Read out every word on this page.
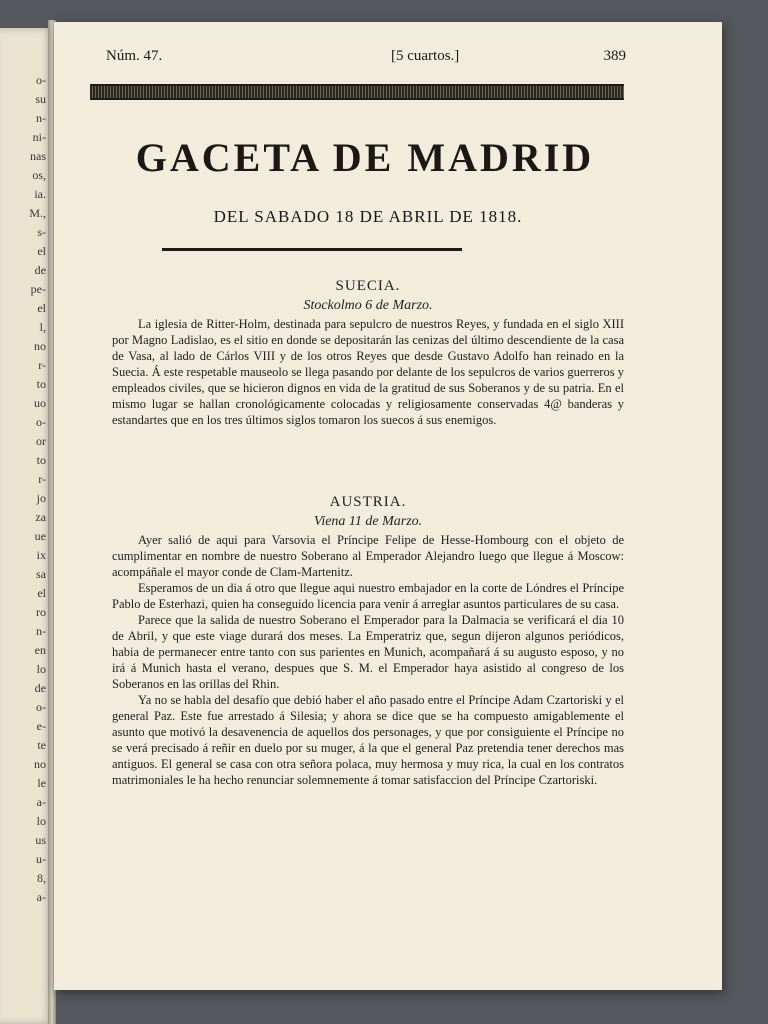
o-
su
n-
ni-
nas
os,
ia.
M.,
s-
el
de
pe-
el
l,
no
r-
to
uo
o-
or
to
r-
jo
za
ue
ix
sa
el
ro
n-
en
lo
de
o-
e-
te
no
le
a-
lo
us
u-
8,
a-
Núm. 47.	[5 cuartos.]	389
GACETA DE MADRID
DEL SABADO 18 DE ABRIL DE 1818.

SUECIA.

Stockolmo 6 de Marzo.

La iglesia de Ritter-Holm, destinada para sepulcro de nuestros Reyes, y fundada en el siglo XIII por Magno Ladislao, es el sitio en donde se depositarán las cenizas del último descendiente de la casa de Vasa, al lado de Cárlos VIII y de los otros Reyes que desde Gustavo Adolfo han reinado en la Suecia. Á este respetable mauseolo se llega pasando por delante de los sepulcros de varios guerreros y empleados civiles, que se hicieron dignos en vida de la gratitud de sus Soberanos y de su patria. En el mismo lugar se hallan cronológicamente colocadas y religiosamente conservadas 4@ banderas y estandartes que en los tres últimos siglos tomaron los suecos á sus enemigos.

AUSTRIA.

Viena 11 de Marzo.

Ayer salió de aqui para Varsovia el Príncipe Felipe de Hesse-Hombourg con el objeto de cumplimentar en nombre de nuestro Soberano al Emperador Alejandro luego que llegue á Moscow: acompáñale el mayor conde de Clam-Martenitz.

Esperamos de un dia á otro que llegue aqui nuestro embajador en la corte de Lóndres el Príncipe Pablo de Esterhazi, quien ha conseguido licencia para venir á arreglar asuntos particulares de su casa.

Parece que la salida de nuestro Soberano el Emperador para la Dalmacia se verificará el dia 10 de Abril, y que este viage durará dos meses. La Emperatriz que, segun dijeron algunos periódicos, habia de permanecer entre tanto con sus parientes en Munich, acompañará á su augusto esposo, y no irá á Munich hasta el verano, despues que S. M. el Emperador haya asistido al congreso de los Soberanos en las orillas del Rhin.

Ya no se habla del desafío que debió haber el año pasado entre el Príncipe Adam Czartoriski y el general Paz. Este fue arrestado á Silesia; y ahora se dice que se ha compuesto amigablemente el asunto que motivó la desavenencia de aquellos dos personages, y que por consiguiente el Príncipe no se verá precisado á reñir en duelo por su muger, á la que el general Paz pretendia tener derechos mas antiguos. El general se casa con otra señora polaca, muy hermosa y muy rica, la cual en los contratos matrimoniales le ha hecho renunciar solemnemente á tomar satisfaccion del Príncipe Czartoriski.
